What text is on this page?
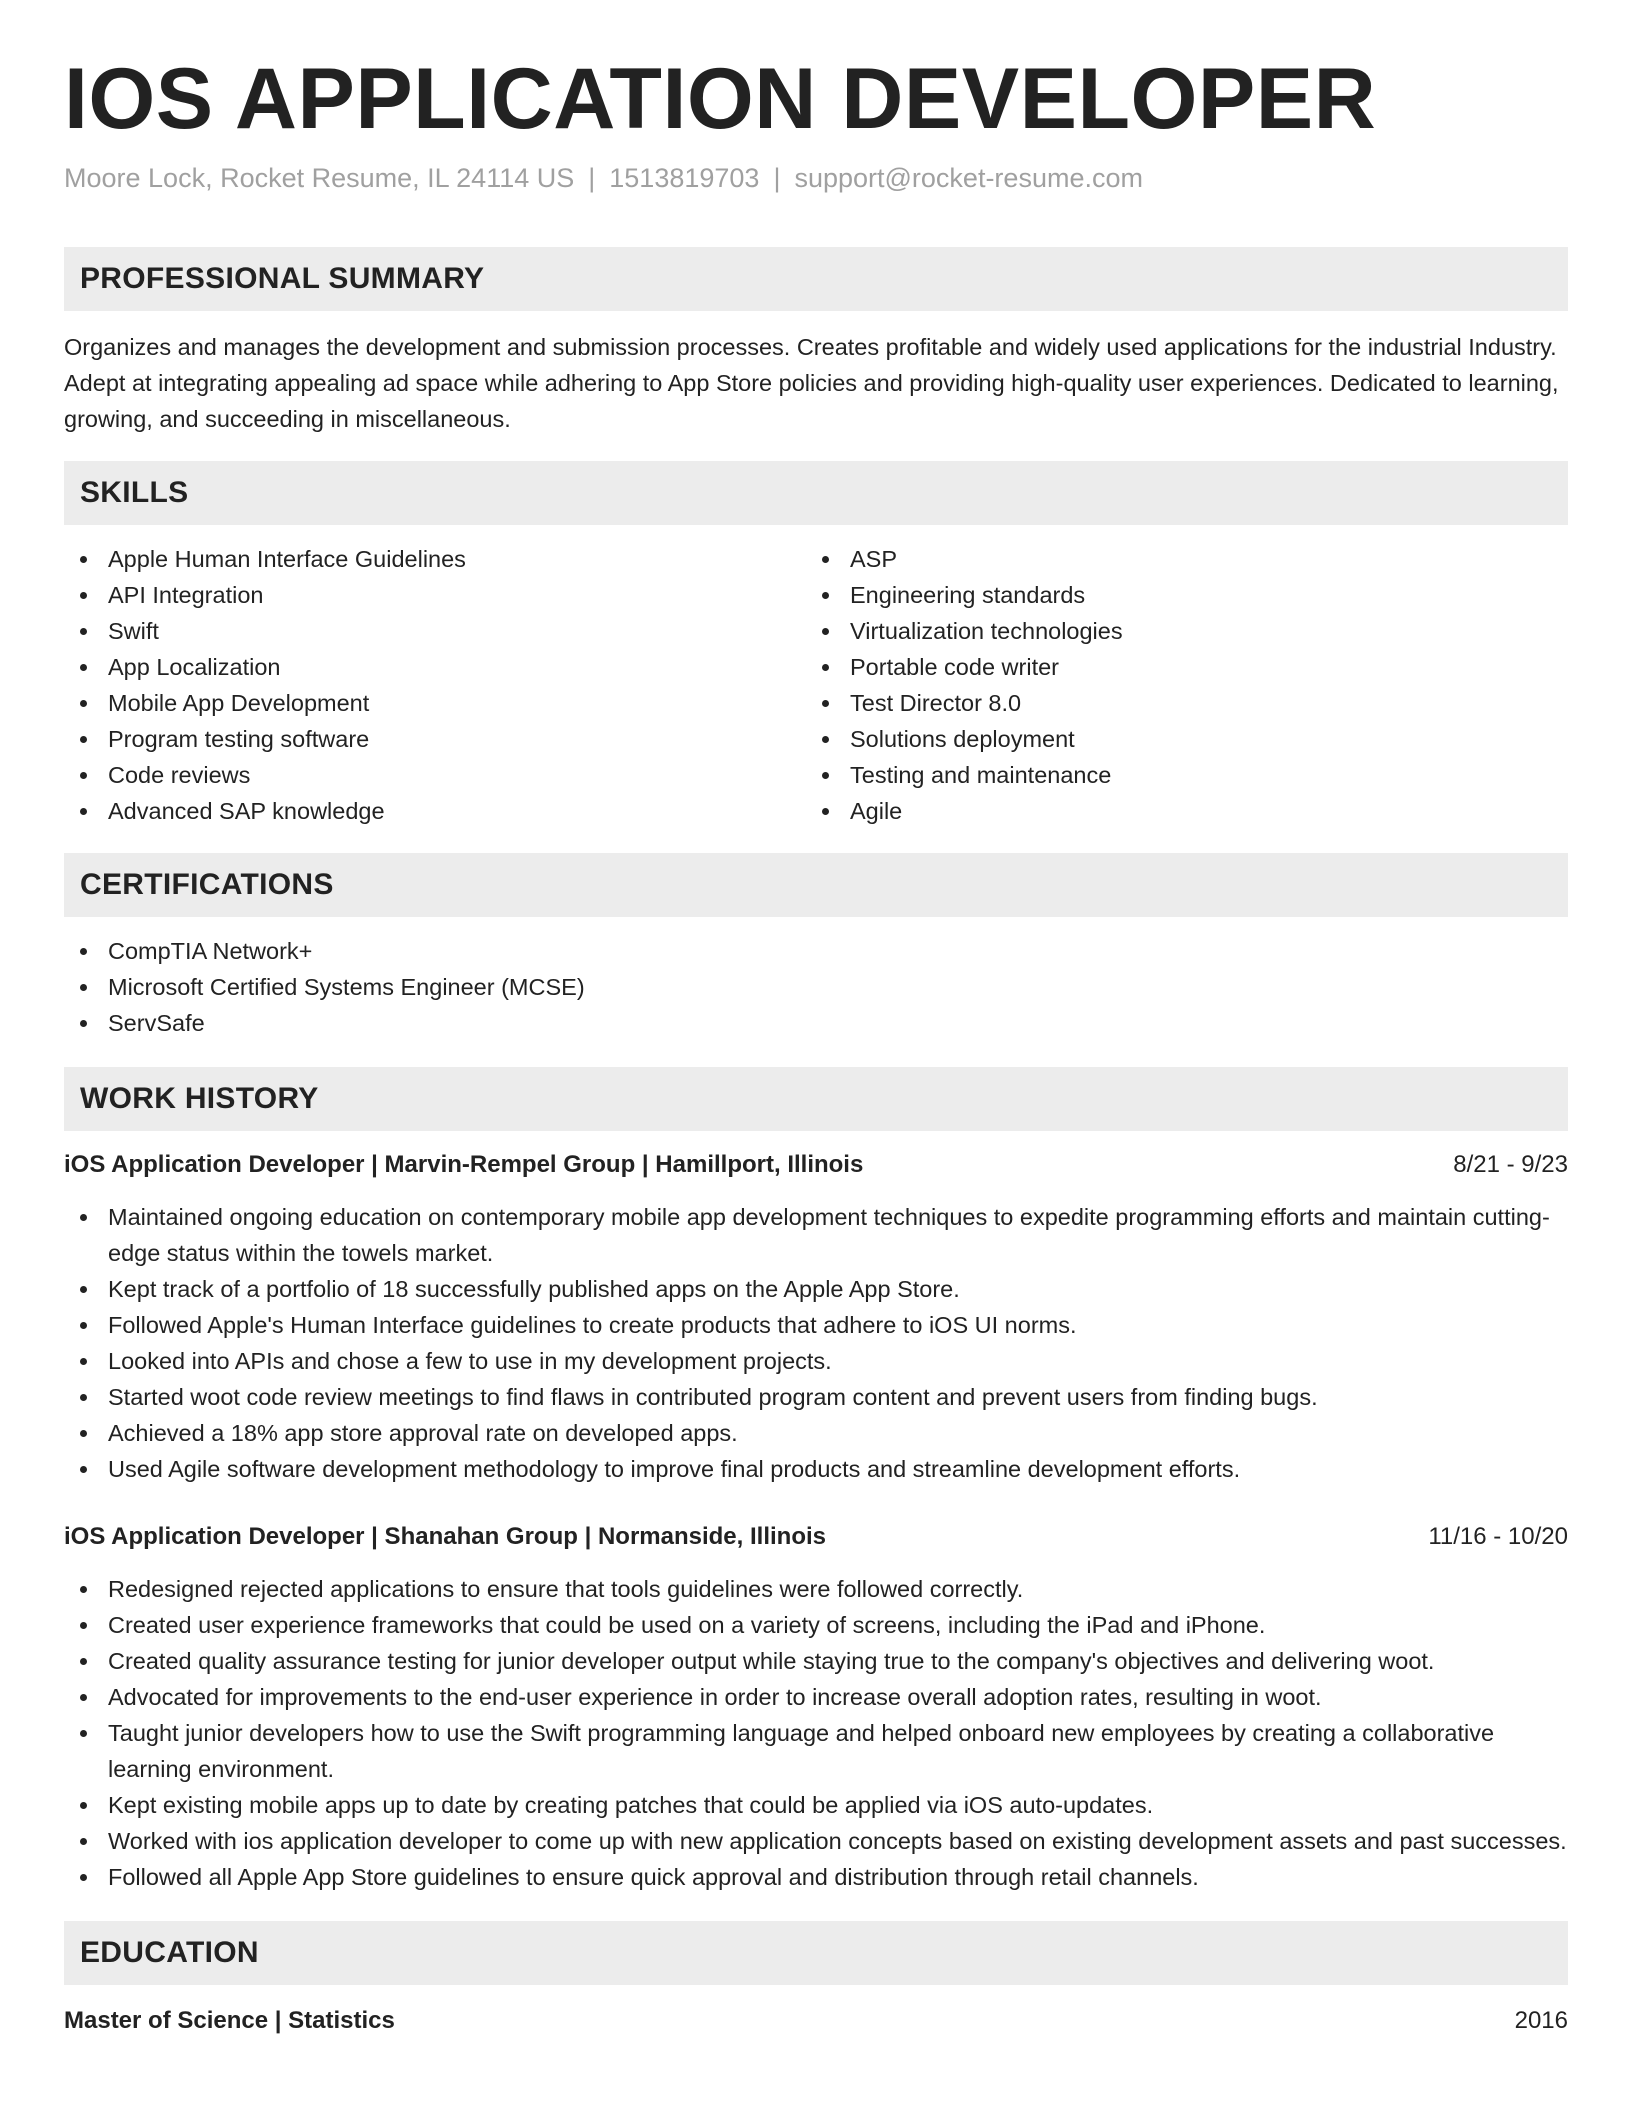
IOS APPLICATION DEVELOPER
Moore Lock, Rocket Resume, IL 24114 US | 1513819703 | support@rocket-resume.com
PROFESSIONAL SUMMARY

Organizes and manages the development and submission processes. Creates profitable and widely used applications for the industrial Industry. Adept at integrating appealing ad space while adhering to App Store policies and providing high-quality user experiences. Dedicated to learning, growing, and succeeding in miscellaneous.

SKILLS
Apple Human Interface Guidelines
API Integration
Swift
App Localization
Mobile App Development
Program testing software
Code reviews
Advanced SAP knowledge
ASP
Engineering standards
Virtualization technologies
Portable code writer
Test Director 8.0
Solutions deployment
Testing and maintenance
Agile
CERTIFICATIONS
CompTIA Network+
Microsoft Certified Systems Engineer (MCSE)
ServSafe
WORK HISTORY
iOS Application Developer | Marvin-Rempel Group | Hamillport, Illinois	8/21 - 9/23
Maintained ongoing education on contemporary mobile app development techniques to expedite programming efforts and maintain cutting-edge status within the towels market.
Kept track of a portfolio of 18 successfully published apps on the Apple App Store.
Followed Apple's Human Interface guidelines to create products that adhere to iOS UI norms.
Looked into APIs and chose a few to use in my development projects.
Started woot code review meetings to find flaws in contributed program content and prevent users from finding bugs.
Achieved a 18% app store approval rate on developed apps.
Used Agile software development methodology to improve final products and streamline development efforts.
iOS Application Developer | Shanahan Group | Normanside, Illinois	11/16 - 10/20
Redesigned rejected applications to ensure that tools guidelines were followed correctly.
Created user experience frameworks that could be used on a variety of screens, including the iPad and iPhone.
Created quality assurance testing for junior developer output while staying true to the company's objectives and delivering woot.
Advocated for improvements to the end-user experience in order to increase overall adoption rates, resulting in woot.
Taught junior developers how to use the Swift programming language and helped onboard new employees by creating a collaborative learning environment.
Kept existing mobile apps up to date by creating patches that could be applied via iOS auto-updates.
Worked with ios application developer to come up with new application concepts based on existing development assets and past successes.
Followed all Apple App Store guidelines to ensure quick approval and distribution through retail channels.
EDUCATION
Master of Science | Statistics	2016
